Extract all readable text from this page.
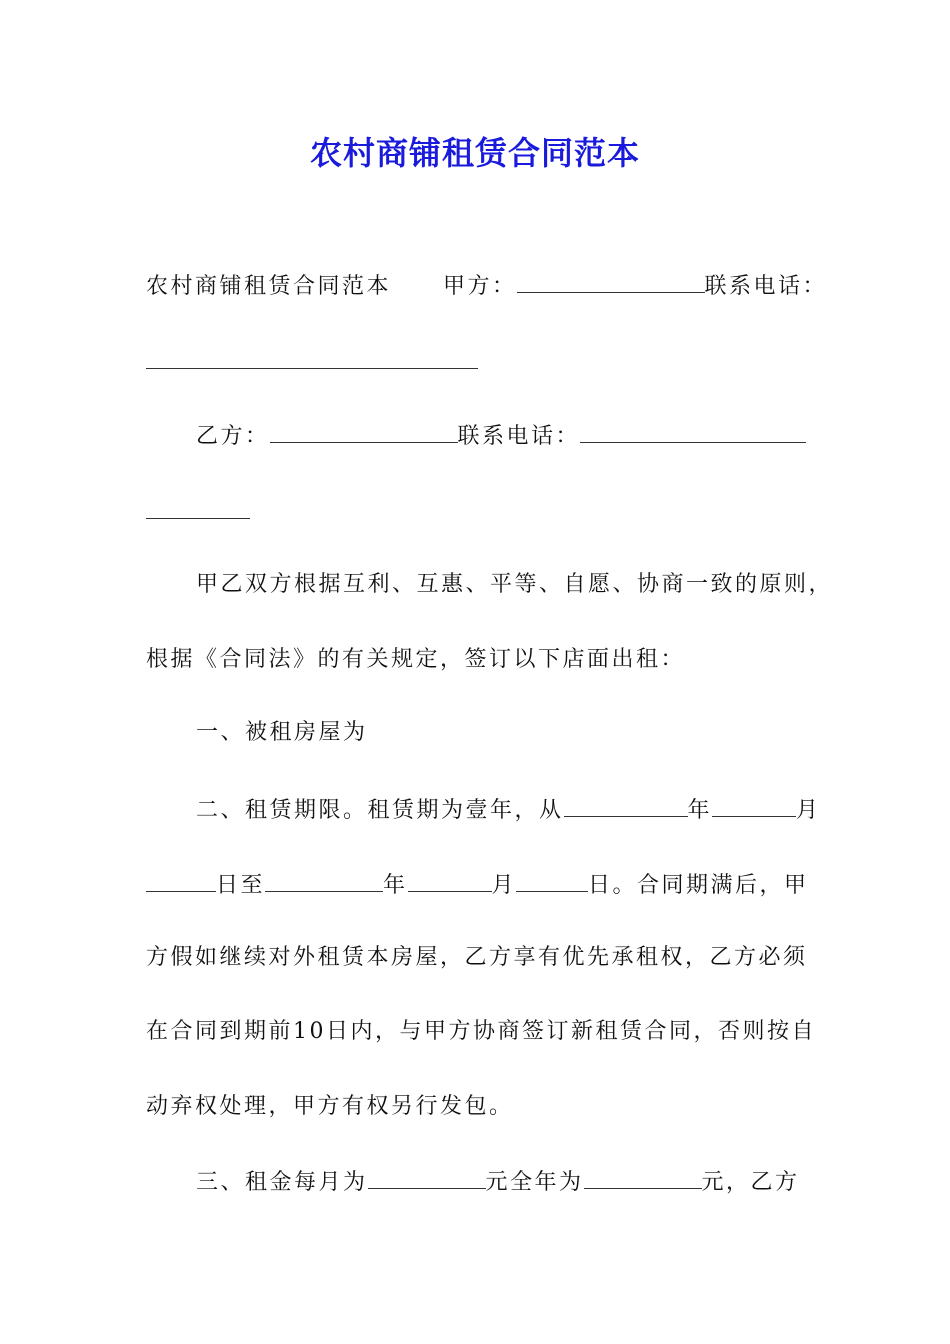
农村商铺租赁合同范本
农村商铺租赁合同范本 甲方：	联系电话：
乙方：	联系电话：
甲乙双方根据互利、互惠、平等、自愿、协商一致的原则，
根据《合同法》的有关规定，签订以下店面出租：
一、被租房屋为
二、租赁期限。租赁期为壹年，从	年	月
日至	年	月	日。合同期满后，甲
方假如继续对外租赁本房屋，乙方享有优先承租权，乙方必须
在合同到期前10日内，与甲方协商签订新租赁合同，否则按自
动弃权处理，甲方有权另行发包。
三、租金每月为	元全年为	元，乙方
